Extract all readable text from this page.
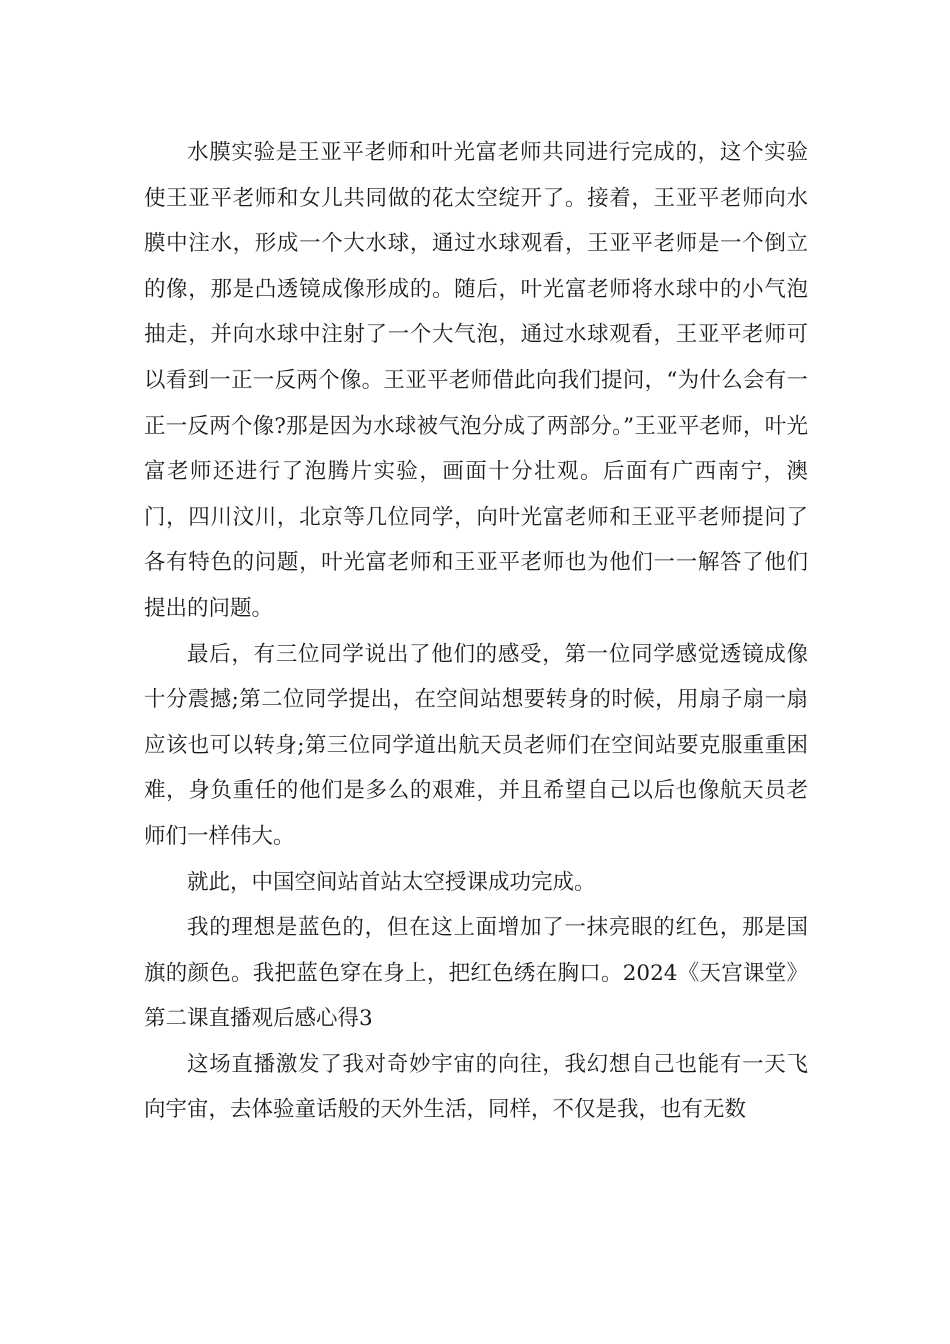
水膜实验是王亚平老师和叶光富老师共同进行完成的，这个实验使王亚平老师和女儿共同做的花太空绽开了。接着，王亚平老师向水膜中注水，形成一个大水球，通过水球观看，王亚平老师是一个倒立的像，那是凸透镜成像形成的。随后，叶光富老师将水球中的小气泡抽走，并向水球中注射了一个大气泡，通过水球观看，王亚平老师可以看到一正一反两个像。王亚平老师借此向我们提问，“为什么会有一正一反两个像?那是因为水球被气泡分成了两部分。”王亚平老师，叶光富老师还进行了泡腾片实验，画面十分壮观。后面有广西南宁，澳门，四川汶川，北京等几位同学，向叶光富老师和王亚平老师提问了各有特色的问题，叶光富老师和王亚平老师也为他们一一解答了他们提出的问题。

最后，有三位同学说出了他们的感受，第一位同学感觉透镜成像十分震撼;第二位同学提出，在空间站想要转身的时候，用扇子扇一扇应该也可以转身;第三位同学道出航天员老师们在空间站要克服重重困难，身负重任的他们是多么的艰难，并且希望自己以后也像航天员老师们一样伟大。

就此，中国空间站首站太空授课成功完成。

我的理想是蓝色的，但在这上面增加了一抹亮眼的红色，那是国旗的颜色。我把蓝色穿在身上，把红色绣在胸口。2024《天宫课堂》第二课直播观后感心得3

这场直播激发了我对奇妙宇宙的向往，我幻想自己也能有一天飞向宇宙，去体验童话般的天外生活，同样，不仅是我，也有无数
